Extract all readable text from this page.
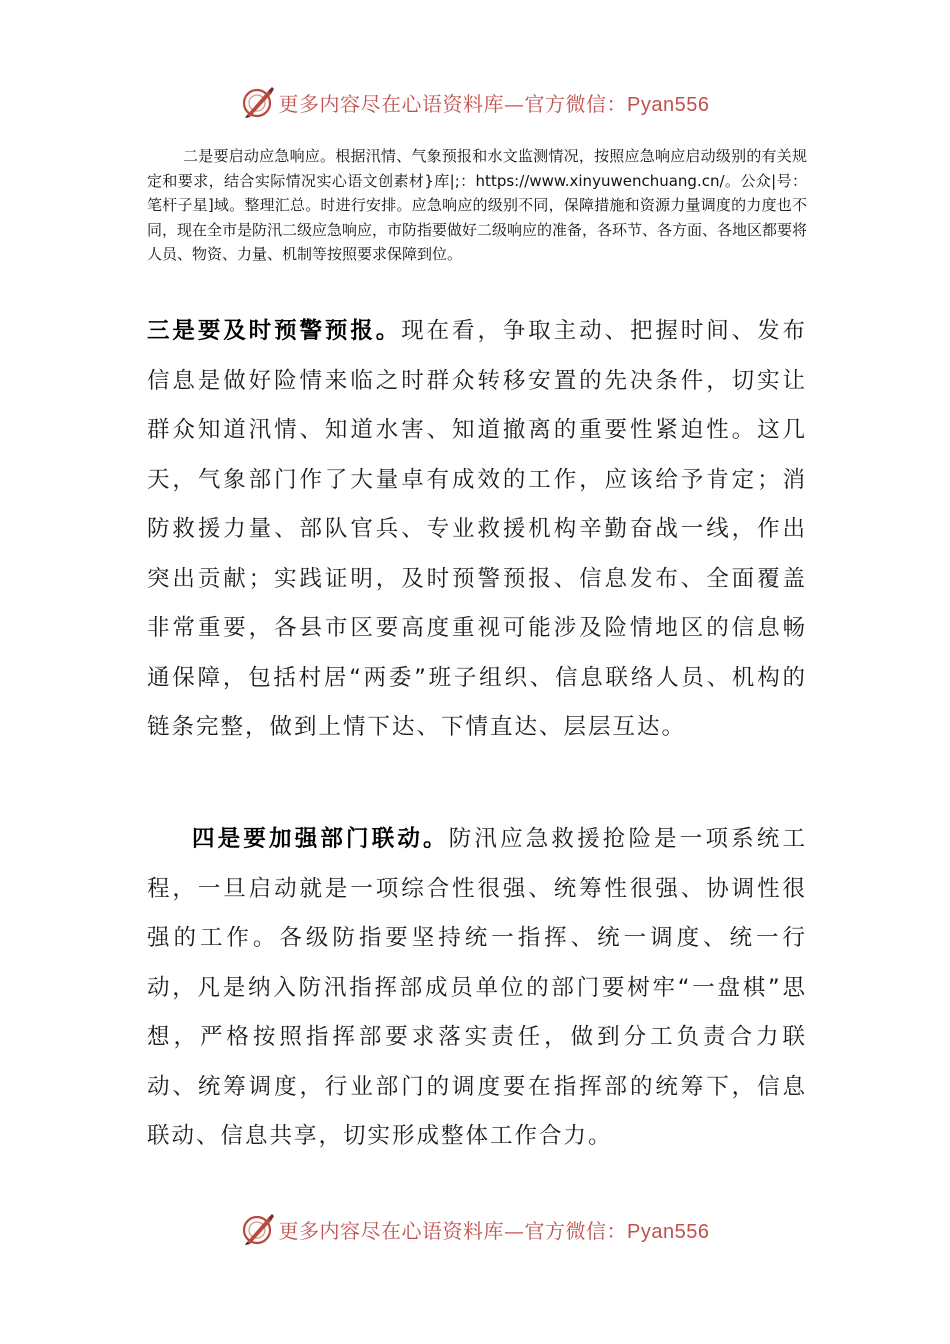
更多内容尽在心语资料库—官方微信：Pyan556

二是要启动应急响应。根据汛情、气象预报和水文监测情况，按照应急响应启动级别的有关规定和要求，结合实际情况实心语文创素材}库|;：https://www.xinyuwenchuang.cn/。公众|号：笔杆子星]域。整理汇总。时进行安排。应急响应的级别不同，保障措施和资源力量调度的力度也不同，现在全市是防汛二级应急响应，市防指要做好二级响应的准备，各环节、各方面、各地区都要将人员、物资、力量、机制等按照要求保障到位。

三是要及时预警预报。现在看，争取主动、把握时间、发布信息是做好险情来临之时群众转移安置的先决条件，切实让群众知道汛情、知道水害、知道撤离的重要性紧迫性。这几天，气象部门作了大量卓有成效的工作，应该给予肯定；消防救援力量、部队官兵、专业救援机构辛勤奋战一线，作出突出贡献；实践证明，及时预警预报、信息发布、全面覆盖非常重要，各县市区要高度重视可能涉及险情地区的信息畅通保障，包括村居“两委”班子组织、信息联络人员、机构的链条完整，做到上情下达、下情直达、层层互达。

四是要加强部门联动。防汛应急救援抢险是一项系统工程，一旦启动就是一项综合性很强、统筹性很强、协调性很强的工作。各级防指要坚持统一指挥、统一调度、统一行动，凡是纳入防汛指挥部成员单位的部门要树牢“一盘棋”思想，严格按照指挥部要求落实责任，做到分工负责合力联动、统筹调度，行业部门的调度要在指挥部的统筹下，信息联动、信息共享，切实形成整体工作合力。

更多内容尽在心语资料库—官方微信：Pyan556
